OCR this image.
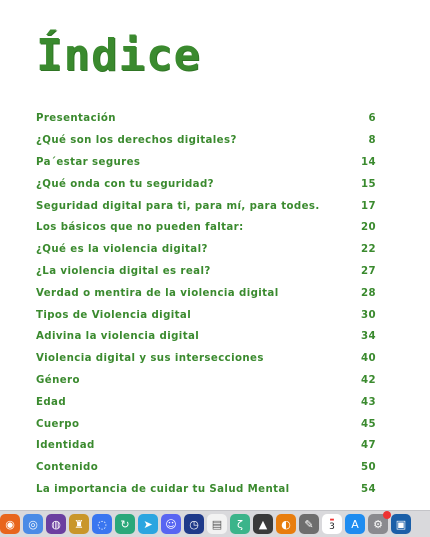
Índice
Presentación	6
¿Qué son los derechos digitales?	8
Pa´estar segures	14
¿Qué onda con tu seguridad?	15
Seguridad digital para ti, para mí, para todes.	17
Los básicos que no pueden faltar:	20
¿Qué es la violencia digital?	22
¿La violencia digital es real?	27
Verdad o mentira de la violencia digital	28
Tipos de Violencia digital	30
Adivina la violencia digital	34
Violencia digital y sus intersecciones	40
Género	42
Edad	43
Cuerpo	45
Identidad	47
Contenido	50
La importancia de cuidar tu Salud Mental	54
◉	◎	◍	♜	◌	↻	➤	☺	◷	▤	ζ	▲	◐	✎	▬
3	A	⚙	▣
